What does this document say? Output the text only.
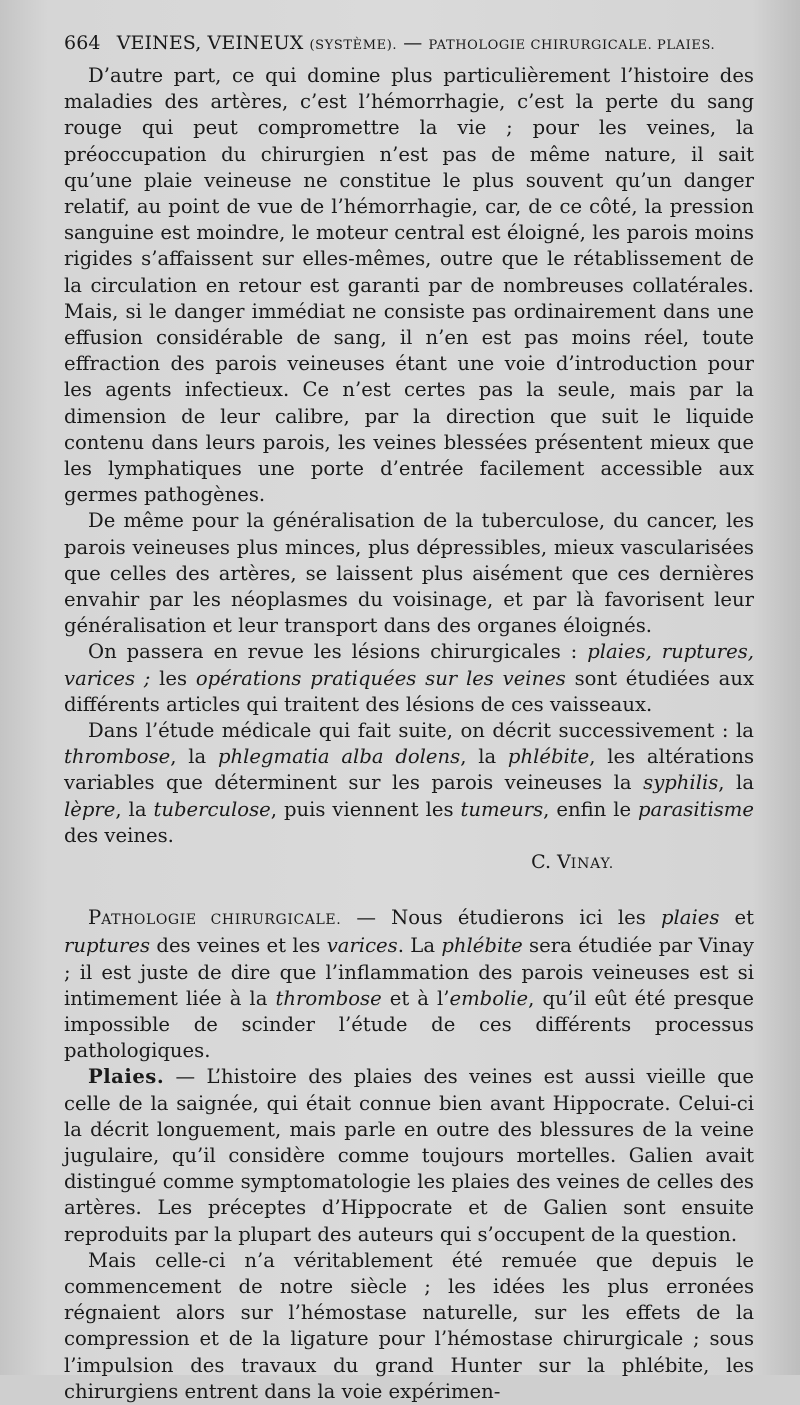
664 VEINES, VEINEUX (SYSTÈME). — PATHOLOGIE CHIRURGICALE. PLAIES.

D’autre part, ce qui domine plus particulièrement l’histoire des maladies des artères, c’est l’hémorrhagie, c’est la perte du sang rouge qui peut compromettre la vie ; pour les veines, la préoccupation du chirurgien n’est pas de même nature, il sait qu’une plaie veineuse ne constitue le plus souvent qu’un danger relatif, au point de vue de l’hémorrhagie, car, de ce côté, la pression sanguine est moindre, le moteur central est éloigné, les parois moins rigides s’affaissent sur elles-mêmes, outre que le rétablissement de la circulation en retour est garanti par de nombreuses collatérales. Mais, si le danger immédiat ne consiste pas ordinairement dans une effusion considérable de sang, il n’en est pas moins réel, toute effraction des parois veineuses étant une voie d’introduction pour les agents infectieux. Ce n’est certes pas la seule, mais par la dimension de leur calibre, par la direction que suit le liquide contenu dans leurs parois, les veines blessées présentent mieux que les lymphatiques une porte d’entrée facilement accessible aux germes pathogènes.

De même pour la généralisation de la tuberculose, du cancer, les parois veineuses plus minces, plus dépressibles, mieux vascularisées que celles des artères, se laissent plus aisément que ces dernières envahir par les néoplasmes du voisinage, et par là favorisent leur généralisation et leur transport dans des organes éloignés.

On passera en revue les lésions chirurgicales : plaies, ruptures, varices ; les opérations pratiquées sur les veines sont étudiées aux différents articles qui traitent des lésions de ces vaisseaux.

Dans l’étude médicale qui fait suite, on décrit successivement : la thrombose, la phlegmatia alba dolens, la phlébite, les altérations variables que déterminent sur les parois veineuses la syphilis, la lèpre, la tuberculose, puis viennent les tumeurs, enfin le parasitisme des veines.

C. VINAY.

PATHOLOGIE CHIRURGICALE. — Nous étudierons ici les plaies et ruptures des veines et les varices. La phlébite sera étudiée par Vinay ; il est juste de dire que l’inflammation des parois veineuses est si intimement liée à la thrombose et à l’embolie, qu’il eût été presque impossible de scinder l’étude de ces différents processus pathologiques.

Plaies. — L’histoire des plaies des veines est aussi vieille que celle de la saignée, qui était connue bien avant Hippocrate. Celui-ci la décrit longuement, mais parle en outre des blessures de la veine jugulaire, qu’il considère comme toujours mortelles. Galien avait distingué comme symptomatologie les plaies des veines de celles des artères. Les préceptes d’Hippocrate et de Galien sont ensuite reproduits par la plupart des auteurs qui s’occupent de la question.

Mais celle-ci n’a véritablement été remuée que depuis le commencement de notre siècle ; les idées les plus erronées régnaient alors sur l’hémostase naturelle, sur les effets de la compression et de la ligature pour l’hémostase chirurgicale ; sous l’impulsion des travaux du grand Hunter sur la phlébite, les chirurgiens entrent dans la voie expérimen-
